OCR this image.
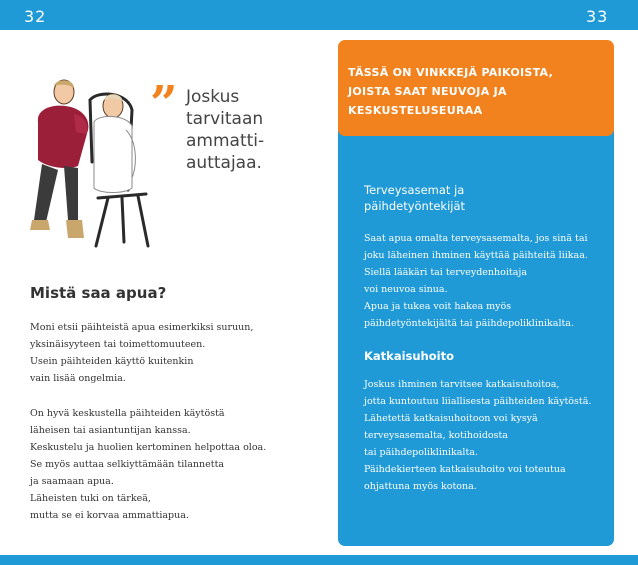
32	33
” Joskus
tarvitaan
ammatti-
auttajaa.
Mistä saa apua?
Moni etsii päihteistä apua esimerkiksi suruun,
yksinäisyyteen tai toimettomuuteen.
Usein päihteiden käyttö kuitenkin
vain lisää ongelmia.
On hyvä keskustella päihteiden käytöstä
läheisen tai asiantuntijan kanssa.
Keskustelu ja huolien kertominen helpottaa oloa.
Se myös auttaa selkiyttämään tilannetta
ja saamaan apua.
Läheisten tuki on tärkeä,
mutta se ei korvaa ammattiapua.
TÄSSÄ ON VINKKEJÄ PAIKOISTA,
JOISTA SAAT NEUVOJA JA
KESKUSTELUSEURAA
Terveysasemat ja
päihdetyöntekijät
Saat apua omalta terveysasemalta, jos sinä tai
joku läheinen ihminen käyttää päihteitä liikaa.
Siellä lääkäri tai terveydenhoitaja
voi neuvoa sinua.
Apua ja tukea voit hakea myös
päihdetyöntekijältä tai päihdepoliklinikalta.
Katkaisuhoito
Joskus ihminen tarvitsee katkaisuhoitoa,
jotta kuntoutuu liiallisesta päihteiden käytöstä.
Lähetettä katkaisuhoitoon voi kysyä
terveysasemalta, kotihoidosta
tai päihdepoliklinikalta.
Päihdekierteen katkaisuhoito voi toteutua
ohjattuna myös kotona.
